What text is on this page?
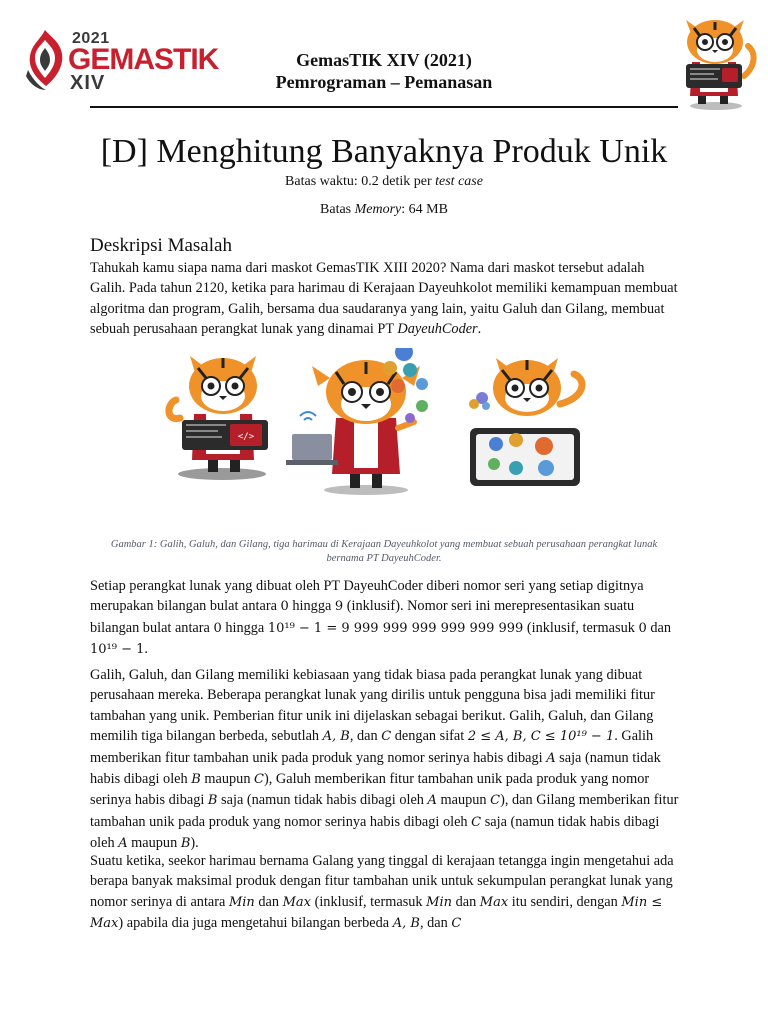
2021
GEMASTIK
XIV
GemasTIK XIV (2021)
Pemrograman – Pemanasan
[D] Menghitung Banyaknya Produk Unik
Batas waktu: 0.2 detik per test case
Batas Memory: 64 MB
Deskripsi Masalah

Tahukah kamu siapa nama dari maskot GemasTIK XIII 2020? Nama dari maskot tersebut adalah Galih. Pada tahun 2120, ketika para harimau di Kerajaan Dayeuhkolot memiliki kemampuan membuat algoritma dan program, Galih, bersama dua saudaranya yang lain, yaitu Galuh dan Gilang, membuat sebuah perusahaan perangkat lunak yang dinamai PT DayeuhCoder.

</>
Gambar 1: Galih, Galuh, dan Gilang, tiga harimau di Kerajaan Dayeuhkolot yang membuat sebuah perusahaan perangkat lunak bernama PT DayeuhCoder.

Setiap perangkat lunak yang dibuat oleh PT DayeuhCoder diberi nomor seri yang setiap digitnya merupakan bilangan bulat antara 0 hingga 9 (inklusif). Nomor seri ini merepresentasikan suatu bilangan bulat antara 0 hingga 10¹⁹ − 1 = 9 999 999 999 999 999 999 (inklusif, termasuk 0 dan 10¹⁹ − 1.

Galih, Galuh, dan Gilang memiliki kebiasaan yang tidak biasa pada perangkat lunak yang dibuat perusahaan mereka. Beberapa perangkat lunak yang dirilis untuk pengguna bisa jadi memiliki fitur tambahan yang unik. Pemberian fitur unik ini dijelaskan sebagai berikut. Galih, Galuh, dan Gilang memilih tiga bilangan berbeda, sebutlah A, B, dan C dengan sifat 2 ≤ A, B, C ≤ 10¹⁹ − 1. Galih memberikan fitur tambahan unik pada produk yang nomor serinya habis dibagi A saja (namun tidak habis dibagi oleh B maupun C), Galuh memberikan fitur tambahan unik pada produk yang nomor serinya habis dibagi B saja (namun tidak habis dibagi oleh A maupun C), dan Gilang memberikan fitur tambahan unik pada produk yang nomor serinya habis dibagi oleh C saja (namun tidak habis dibagi oleh A maupun B).

Suatu ketika, seekor harimau bernama Galang yang tinggal di kerajaan tetangga ingin mengetahui ada berapa banyak maksimal produk dengan fitur tambahan unik untuk sekumpulan perangkat lunak yang nomor serinya di antara Min dan Max (inklusif, termasuk Min dan Max itu sendiri, dengan Min ≤ Max) apabila dia juga mengetahui bilangan berbeda A, B, dan C
